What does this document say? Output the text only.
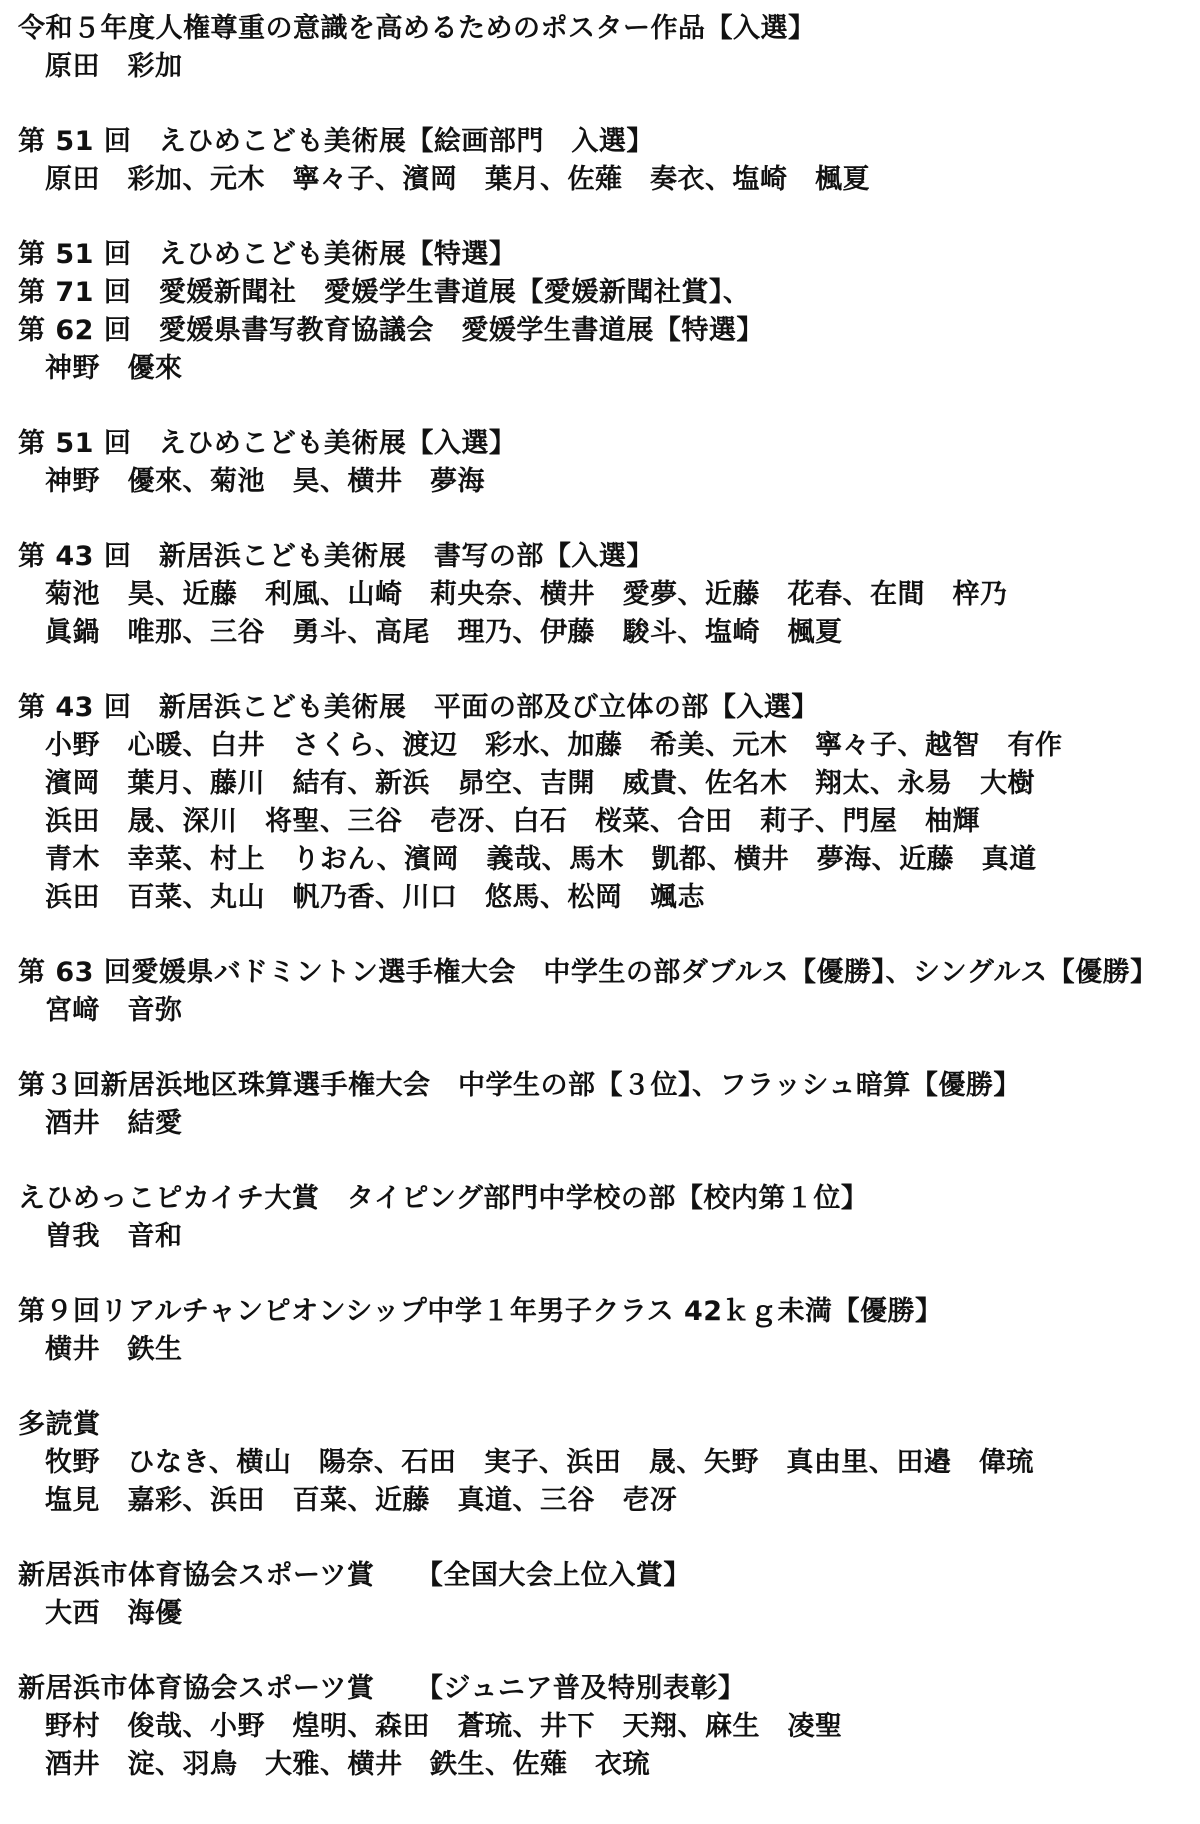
令和５年度人権尊重の意識を高めるためのポスター作品【入選】
原田　彩加
第 51 回　えひめこども美術展【絵画部門　入選】
原田　彩加、元木　寧々子、濱岡　葉月、佐薙　奏衣、塩崎　楓夏
第 51 回　えひめこども美術展【特選】
第 71 回　愛媛新聞社　愛媛学生書道展【愛媛新聞社賞】、
第 62 回　愛媛県書写教育協議会　愛媛学生書道展【特選】
神野　優來
第 51 回　えひめこども美術展【入選】
神野　優來、菊池　昊、横井　夢海
第 43 回　新居浜こども美術展　書写の部【入選】
菊池　昊、近藤　利風、山崎　莉央奈、横井　愛夢、近藤　花春、在間　梓乃
眞鍋　唯那、三谷　勇斗、高尾　理乃、伊藤　駿斗、塩崎　楓夏
第 43 回　新居浜こども美術展　平面の部及び立体の部【入選】
小野　心暖、白井　さくら、渡辺　彩水、加藤　希美、元木　寧々子、越智　有作
濱岡　葉月、藤川　結有、新浜　昴空、吉開　威貴、佐名木　翔太、永易　大樹
浜田　晟、深川　将聖、三谷　壱冴、白石　桜菜、合田　莉子、門屋　柚輝
青木　幸菜、村上　りおん、濱岡　義哉、馬木　凱都、横井　夢海、近藤　真道
浜田　百菜、丸山　帆乃香、川口　悠馬、松岡　颯志
第 63 回愛媛県バドミントン選手権大会　中学生の部ダブルス【優勝】、シングルス【優勝】
宮﨑　音弥
第３回新居浜地区珠算選手権大会　中学生の部【３位】、フラッシュ暗算【優勝】
酒井　結愛
えひめっこピカイチ大賞　タイピング部門中学校の部【校内第１位】
曽我　音和
第９回リアルチャンピオンシップ中学１年男子クラス 42ｋｇ未満【優勝】
横井　鉄生
多読賞
牧野　ひなき、横山　陽奈、石田　実子、浜田　晟、矢野　真由里、田邉　偉琉
塩見　嘉彩、浜田　百菜、近藤　真道、三谷　壱冴
新居浜市体育協会スポーツ賞　　【全国大会上位入賞】
大西　海優
新居浜市体育協会スポーツ賞　　【ジュニア普及特別表彰】
野村　俊哉、小野　煌明、森田　蒼琉、井下　天翔、麻生　凌聖
酒井　淀、羽鳥　大雅、横井　鉄生、佐薙　衣琉
